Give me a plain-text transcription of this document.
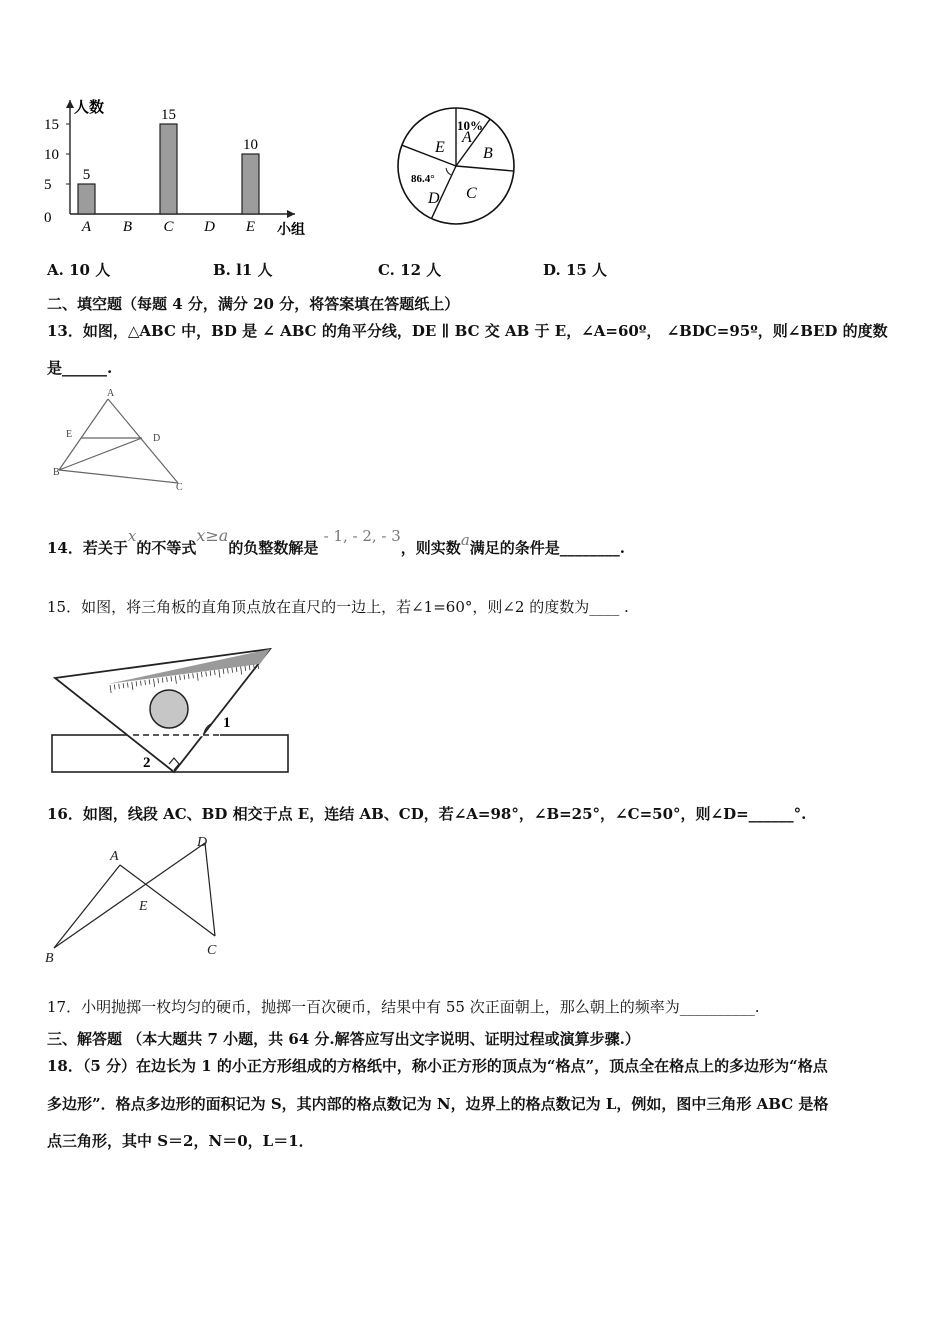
人数
小组
15
10
5
0
5
A B
15
C D
10
E
A
B
C
D
E
10%
86.4°
A. 10 人	B. l1 人	C. 12 人	D. 15 人
二、填空题（每题 4 分，满分 20 分，将答案填在答题纸上）
13．如图，△ABC 中，BD 是 ∠ ABC 的角平分线，DE ∥ BC 交 AB 于 E，∠A=60º， ∠BDC=95º，则∠BED 的度数
是______.
A
E	D
B
C
14．若关于x的不等式x≥a的负整数解是 - 1, - 2, - 3，则实数a满足的条件是________.
15．如图，将三角板的直角顶点放在直尺的一边上，若∠1=60°，则∠2 的度数为____ .
1
2
16．如图，线段 AC、BD 相交于点 E，连结 AB、CD，若∠A=98°，∠B=25°，∠C=50°，则∠D=______°.
A
D
E
B
C
17．小明抛掷一枚均匀的硬币，抛掷一百次硬币，结果中有 55 次正面朝上，那么朝上的频率为__________.
三、解答题 （本大题共 7 小题，共 64 分.解答应写出文字说明、证明过程或演算步骤.）
18．（5 分）在边长为 1 的小正方形组成的方格纸中，称小正方形的顶点为“格点”，顶点全在格点上的多边形为“格点
多边形”．格点多边形的面积记为 S，其内部的格点数记为 N，边界上的格点数记为 L，例如，图中三角形 ABC 是格
点三角形，其中 S＝2，N＝0，L＝1．
